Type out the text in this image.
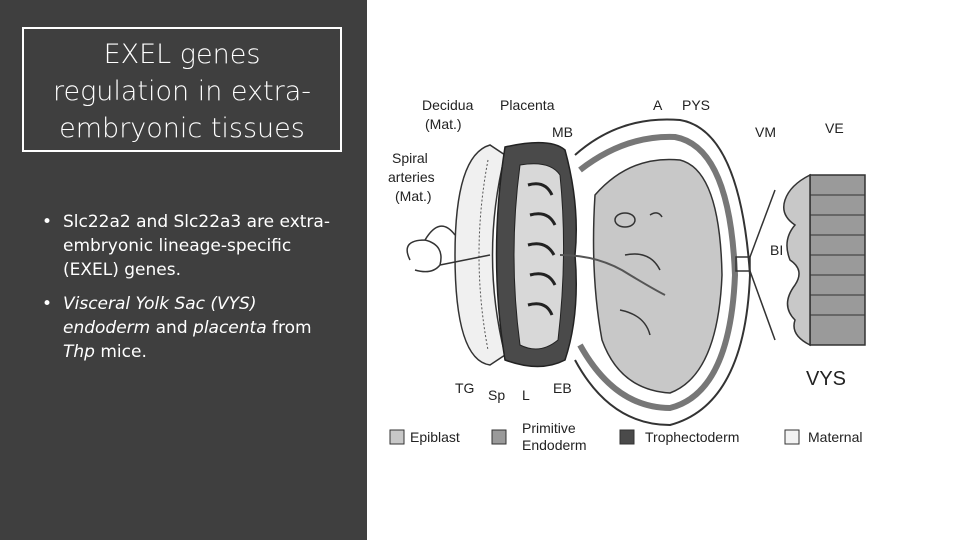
EXEL genes
regulation in extra-
embryonic tissues
• Slc22a2 and Slc22a3 are extra-embryonic lineage-specific (EXEL) genes.
• Visceral Yolk Sac (VYS) endoderm and placenta from Thp mice.
Decidua
(Mat.)
Placenta	A PYS
MB	VM	VE
Spiral
arteries
(Mat.)
BI
VYS
TG Sp L EB
Epiblast
Primitive
Endoderm	Trophectoderm	Maternal
